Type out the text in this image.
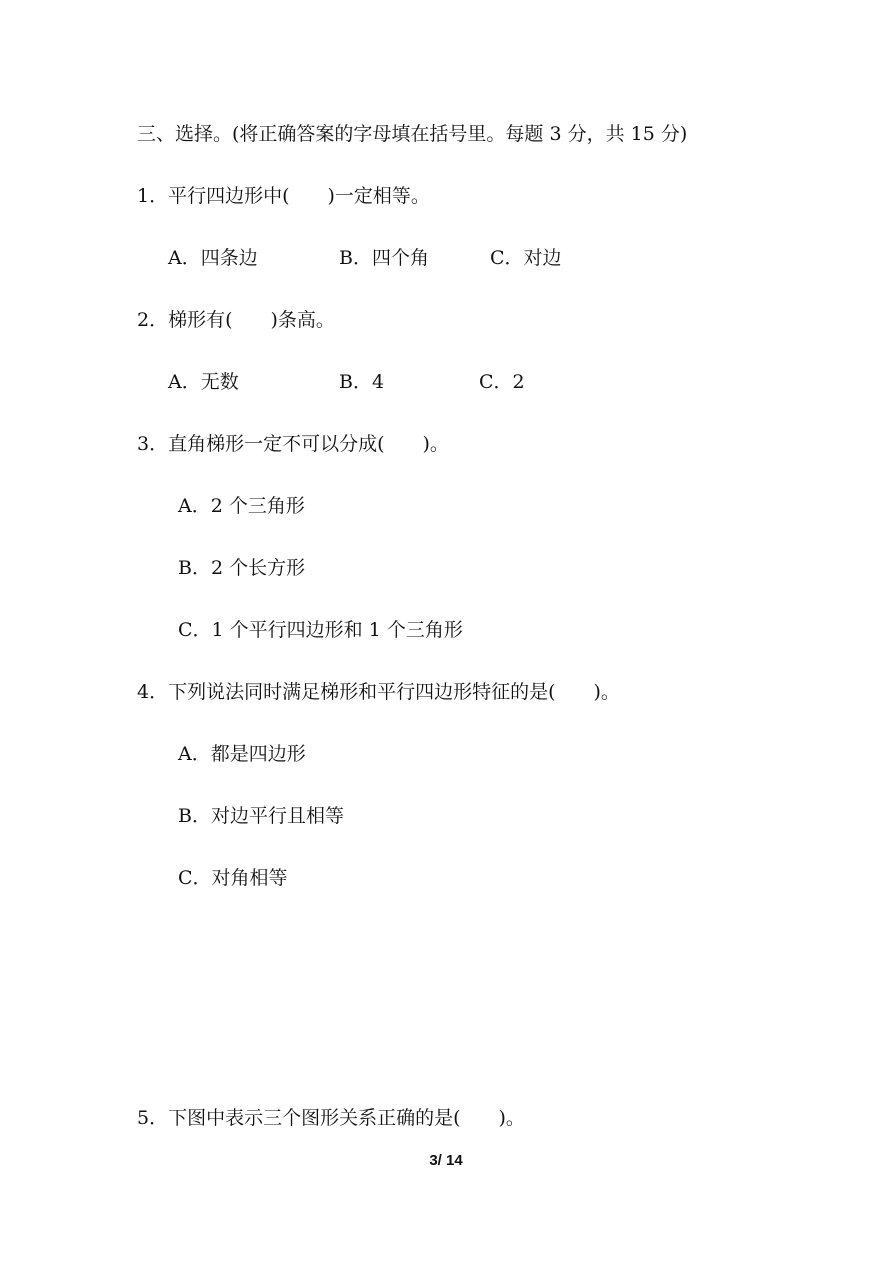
三、选择。(将正确答案的字母填在括号里。每题 3 分，共 15 分)
1．平行四边形中(　　)一定相等。

A．四条边

	B．四个角

	C．对边

2．梯形有(　　)条高。

A．无数

	B．4

	C．2

3．直角梯形一定不可以分成(　　)。
A．2 个三角形
B．2 个长方形
C．1 个平行四边形和 1 个三角形
4．下列说法同时满足梯形和平行四边形特征的是(　　)。
A．都是四边形
B．对边平行且相等
C．对角相等
5．下图中表示三个图形关系正确的是(　　)。
3/ 14
